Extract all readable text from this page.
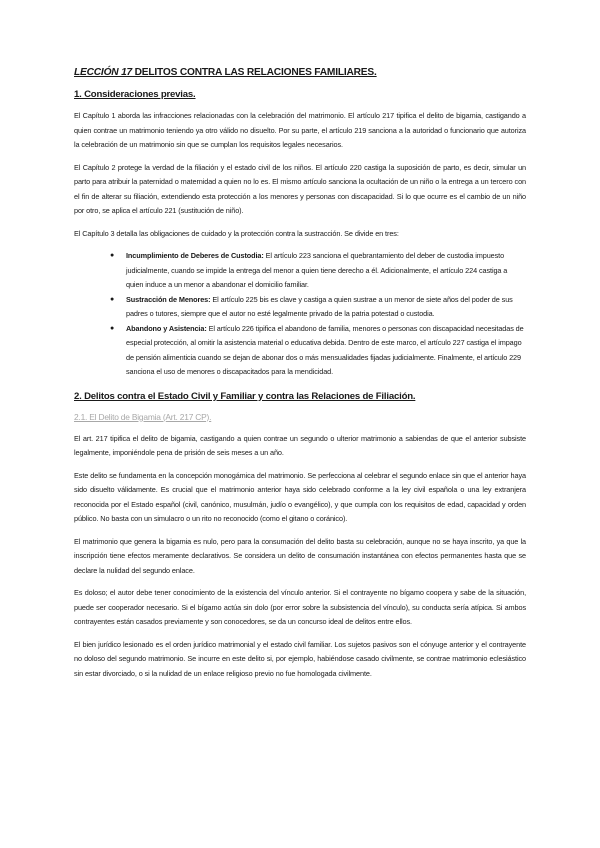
LECCIÓN 17 DELITOS CONTRA LAS RELACIONES FAMILIARES.
1. Consideraciones previas.

El Capítulo 1 aborda las infracciones relacionadas con la celebración del matrimonio. El artículo 217 tipifica el delito de bigamia, castigando a quien contrae un matrimonio teniendo ya otro válido no disuelto. Por su parte, el artículo 219 sanciona a la autoridad o funcionario que autoriza la celebración de un matrimonio sin que se cumplan los requisitos legales necesarios.

El Capítulo 2 protege la verdad de la filiación y el estado civil de los niños. El artículo 220 castiga la suposición de parto, es decir, simular un parto para atribuir la paternidad o maternidad a quien no lo es. El mismo artículo sanciona la ocultación de un niño o la entrega a un tercero con el fin de alterar su filiación, extendiendo esta protección a los menores y personas con discapacidad. Si lo que ocurre es el cambio de un niño por otro, se aplica el artículo 221 (sustitución de niño).

El Capítulo 3 detalla las obligaciones de cuidado y la protección contra la sustracción. Se divide en tres:

● Incumplimiento de Deberes de Custodia: El artículo 223 sanciona el quebrantamiento del deber de custodia impuesto judicialmente, cuando se impide la entrega del menor a quien tiene derecho a él. Adicionalmente, el artículo 224 castiga a quien induce a un menor a abandonar el domicilio familiar.
● Sustracción de Menores: El artículo 225 bis es clave y castiga a quien sustrae a un menor de siete años del poder de sus padres o tutores, siempre que el autor no esté legalmente privado de la patria potestad o custodia.
● Abandono y Asistencia: El artículo 226 tipifica el abandono de familia, menores o personas con discapacidad necesitadas de especial protección, al omitir la asistencia material o educativa debida. Dentro de este marco, el artículo 227 castiga el impago de pensión alimenticia cuando se dejan de abonar dos o más mensualidades fijadas judicialmente. Finalmente, el artículo 229 sanciona el uso de menores o discapacitados para la mendicidad.
2. Delitos contra el Estado Civil y Familiar y contra las Relaciones de Filiación.
2.1. El Delito de Bigamia (Art. 217 CP).

El art. 217 tipifica el delito de bigamia, castigando a quien contrae un segundo o ulterior matrimonio a sabiendas de que el anterior subsiste legalmente, imponiéndole pena de prisión de seis meses a un año.

Este delito se fundamenta en la concepción monogámica del matrimonio. Se perfecciona al celebrar el segundo enlace sin que el anterior haya sido disuelto válidamente. Es crucial que el matrimonio anterior haya sido celebrado conforme a la ley civil española o una ley extranjera reconocida por el Estado español (civil, canónico, musulmán, judío o evangélico), y que cumpla con los requisitos de edad, capacidad y orden público. No basta con un simulacro o un rito no reconocido (como el gitano o coránico).

El matrimonio que genera la bigamia es nulo, pero para la consumación del delito basta su celebración, aunque no se haya inscrito, ya que la inscripción tiene efectos meramente declarativos. Se considera un delito de consumación instantánea con efectos permanentes hasta que se declare la nulidad del segundo enlace.

Es doloso; el autor debe tener conocimiento de la existencia del vínculo anterior. Si el contrayente no bígamo coopera y sabe de la situación, puede ser cooperador necesario. Si el bígamo actúa sin dolo (por error sobre la subsistencia del vínculo), su conducta sería atípica. Si ambos contrayentes están casados previamente y son conocedores, se da un concurso ideal de delitos entre ellos.

El bien jurídico lesionado es el orden jurídico matrimonial y el estado civil familiar. Los sujetos pasivos son el cónyuge anterior y el contrayente no doloso del segundo matrimonio. Se incurre en este delito si, por ejemplo, habiéndose casado civilmente, se contrae matrimonio eclesiástico sin estar divorciado, o si la nulidad de un enlace religioso previo no fue homologada civilmente.
